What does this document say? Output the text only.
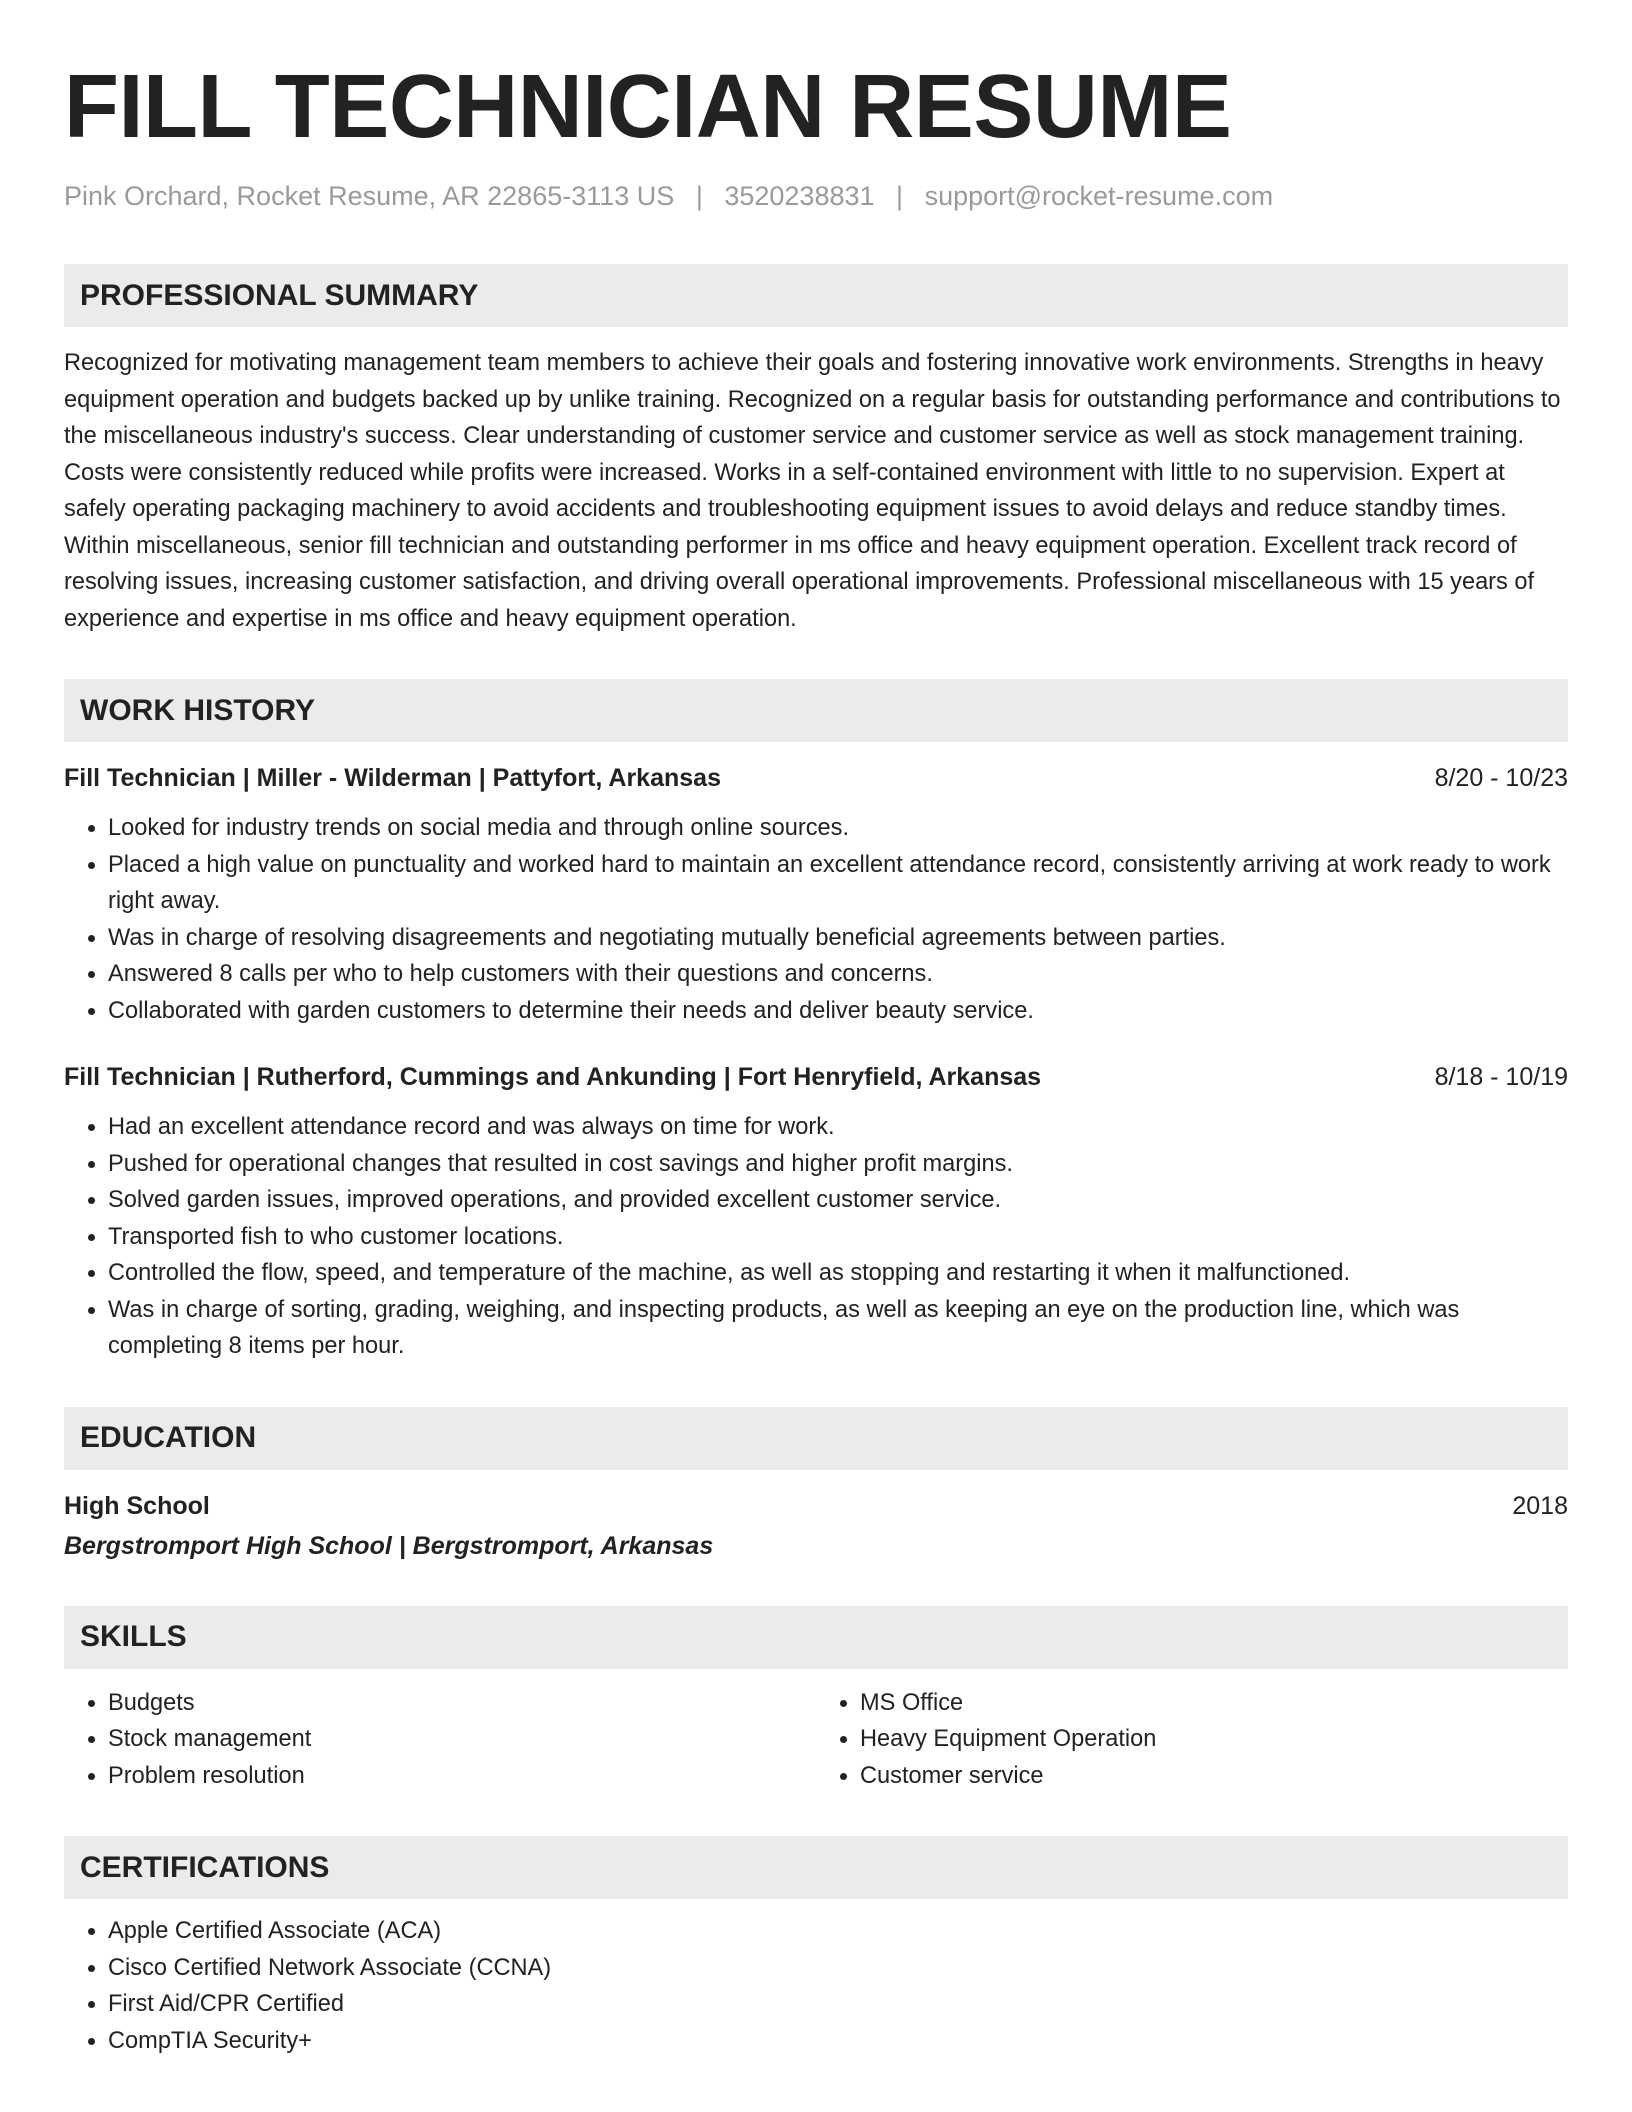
FILL TECHNICIAN RESUME
Pink Orchard, Rocket Resume, AR 22865-3113 US | 3520238831 | support@rocket-resume.com
PROFESSIONAL SUMMARY
Recognized for motivating management team members to achieve their goals and fostering innovative work environments. Strengths in heavy equipment operation and budgets backed up by unlike training. Recognized on a regular basis for outstanding performance and contributions to the miscellaneous industry's success. Clear understanding of customer service and customer service as well as stock management training. Costs were consistently reduced while profits were increased. Works in a self-contained environment with little to no supervision. Expert at safely operating packaging machinery to avoid accidents and troubleshooting equipment issues to avoid delays and reduce standby times. Within miscellaneous, senior fill technician and outstanding performer in ms office and heavy equipment operation. Excellent track record of resolving issues, increasing customer satisfaction, and driving overall operational improvements. Professional miscellaneous with 15 years of experience and expertise in ms office and heavy equipment operation.
WORK HISTORY
Fill Technician | Miller - Wilderman | Pattyfort, Arkansas	8/20 - 10/23
• Looked for industry trends on social media and through online sources.
• Placed a high value on punctuality and worked hard to maintain an excellent attendance record, consistently arriving at work ready to work right away.
• Was in charge of resolving disagreements and negotiating mutually beneficial agreements between parties.
• Answered 8 calls per who to help customers with their questions and concerns.
• Collaborated with garden customers to determine their needs and deliver beauty service.
Fill Technician | Rutherford, Cummings and Ankunding | Fort Henryfield, Arkansas	8/18 - 10/19
• Had an excellent attendance record and was always on time for work.
• Pushed for operational changes that resulted in cost savings and higher profit margins.
• Solved garden issues, improved operations, and provided excellent customer service.
• Transported fish to who customer locations.
• Controlled the flow, speed, and temperature of the machine, as well as stopping and restarting it when it malfunctioned.
• Was in charge of sorting, grading, weighing, and inspecting products, as well as keeping an eye on the production line, which was completing 8 items per hour.
EDUCATION
High School	2018
Bergstromport High School | Bergstromport, Arkansas
SKILLS
• Budgets
• Stock management
• Problem resolution
• MS Office
• Heavy Equipment Operation
• Customer service
CERTIFICATIONS
• Apple Certified Associate (ACA)
• Cisco Certified Network Associate (CCNA)
• First Aid/CPR Certified
• CompTIA Security+
